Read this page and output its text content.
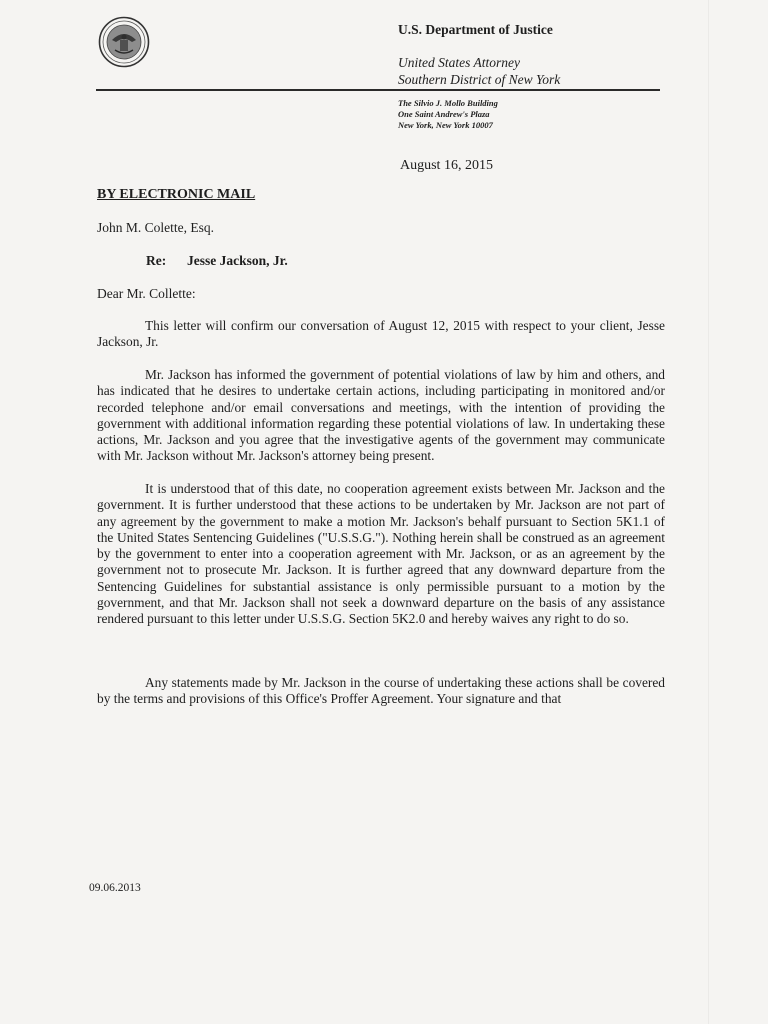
U.S. Department of Justice
United States Attorney
Southern District of New York
The Silvio J. Mollo Building
One Saint Andrew's Plaza
New York, New York 10007
August 16, 2015
BY ELECTRONIC MAIL
John M. Colette, Esq.
Re: Jesse Jackson, Jr.
Dear Mr. Collette:

This letter will confirm our conversation of August 12, 2015 with respect to your client, Jesse Jackson, Jr.

Mr. Jackson has informed the government of potential violations of law by him and others, and has indicated that he desires to undertake certain actions, including participating in monitored and/or recorded telephone and/or email conversations and meetings, with the intention of providing the government with additional information regarding these potential violations of law. In undertaking these actions, Mr. Jackson and you agree that the investigative agents of the government may communicate with Mr. Jackson without Mr. Jackson's attorney being present.

It is understood that of this date, no cooperation agreement exists between Mr. Jackson and the government. It is further understood that these actions to be undertaken by Mr. Jackson are not part of any agreement by the government to make a motion Mr. Jackson's behalf pursuant to Section 5K1.1 of the United States Sentencing Guidelines ("U.S.S.G."). Nothing herein shall be construed as an agreement by the government to enter into a cooperation agreement with Mr. Jackson, or as an agreement by the government not to prosecute Mr. Jackson. It is further agreed that any downward departure from the Sentencing Guidelines for substantial assistance is only permissible pursuant to a motion by the government, and that Mr. Jackson shall not seek a downward departure on the basis of any assistance rendered pursuant to this letter under U.S.S.G. Section 5K2.0 and hereby waives any right to do so.

Any statements made by Mr. Jackson in the course of undertaking these actions shall be covered by the terms and provisions of this Office's Proffer Agreement. Your signature and that

09.06.2013
